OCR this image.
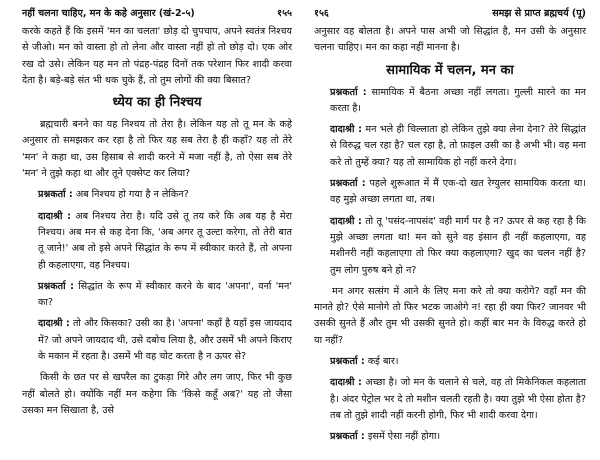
नहीं चलना चाहिए, मन के कहे अनुसार (खं-2-५)	१५५

करके कहते हैं कि इसमें 'मन का चलता' छोड़ दो चुपचाप, अपने स्वतंत्र निश्चय से जीओ। मन को वास्ता हो तो लेना और वास्ता नहीं हो तो छोड़ दो। एक ओर रख दो उसे। लेकिन यह मन तो पंद्रह-पंद्रह दिनों तक परेशान फिर शादी करवा देता है। बड़े-बड़े संत भी थक चुके हैं, तो तुम लोगों की क्या बिसात?

ध्येय का ही निश्चय

ब्रह्मचारी बनने का यह निश्चय तो तेरा है। लेकिन यह तो तू मन के कहे अनुसार तो समझकर कर रहा है तो फिर यह सब तेरा है ही कहाँ? यह तो तेरे 'मन' ने कहा था, उस हिसाब से शादी करने में मजा नहीं है, तो ऐसा सब तेरे 'मन' ने तुझे कहा था और तूने एक्सेप्ट कर लिया?

प्रश्नकर्ता : अब निश्चय हो गया है न लेकिन?

दादाश्री : अब निश्चय तेरा है। यदि उसे तू तय करे कि अब यह है मेरा निश्चय। अब मन से कह देना कि, 'अब अगर तू उल्टा करेगा, तो तेरी बात तू जाने!' अब तो इसे अपने सिद्धांत के रूप में स्वीकार करते हैं, तो अपना ही कहलाएगा, वह निश्चय।

प्रश्नकर्ता : सिद्धांत के रूप में स्वीकार करने के बाद 'अपना', वर्ना 'मन' का?

दादाश्री : तो और किसका? उसी का है। 'अपना' कहाँ है यहाँ इस जायदाद में? जो अपने जायदाद थी, उसे दबोच लिया है, और उसमें भी अपने किराए के मकान में रहता है। उसमें भी वह चोट करता है न ऊपर से?

किसी के छत पर से खपरैल का टुकड़ा गिरे और लग जाए, फिर भी कुछ नहीं बोलते हो। क्योंकि नहीं मन कहेगा कि 'किसे कहूँ अब?' यह तो जैसा उसका मन सिखाता है, उसे

१५६	समझ से प्राप्त ब्रह्मचर्य (पू)

अनुसार वह बोलता है। अपने पास अभी जो सिद्धांत है, मन उसी के अनुसार चलना चाहिए। मन का कहा नहीं मानना है।

सामायिक में चलन, मन का

प्रश्नकर्ता : सामायिक में बैठना अच्छा नहीं लगता। गुल्ली मारने का मन करता है।

दादाश्री : मन भले ही चिल्लाता हो लेकिन तुझे क्या लेना देना? तेरे सिद्धांत से विरुद्ध चल रहा है? चल रहा है, तो फ़ाइल उसी का है अभी भी। वह मना करे तो तुम्हें क्या? यह तो सामायिक हो नहीं करने देगा।

प्रश्नकर्ता : पहले शुरूआत में मैं एक-दो खत रेग्युलर सामायिक करता था। वह मुझे अच्छा लगता था, तब।

दादाश्री : तो तू 'पसंद-नापसंद' वही मार्ग पर है न? ऊपर से कह रहा है कि मुझे अच्छा लगता था! मन को सुने वह इंसान ही नहीं कहलाएगा, वह मशीनरी नहीं कहलाएगा तो फिर क्या कहलाएगा? खुद का चलन नहीं है? तुम लोग पुरुष बने हो न?

मन अगर सत्संग में आने के लिए मना करे तो क्या करोगे? वहाँ मन की मानते हो? ऐसे मानोगे तो फिर भटक जाओगे न! रहा ही क्या फिर? जानवर भी उसकी सुनते हैं और तुम भी उसकी सुनते हो। कहीं बार मन के विरुद्ध करते हो या नहीं?

प्रश्नकर्ता : कई बार।

दादाश्री : अच्छा है। जो मन के चलाने से चले, वह तो मिकेनिकल कहलाता है। अंदर पेट्रोल भर दे तो मशीन चलती रहती है। क्या तुझे भी ऐसा होता है? तब तो तुझे शादी नहीं करनी होगी, फिर भी शादी करवा देगा।

प्रश्नकर्ता : इसमें ऐसा नहीं होगा।
